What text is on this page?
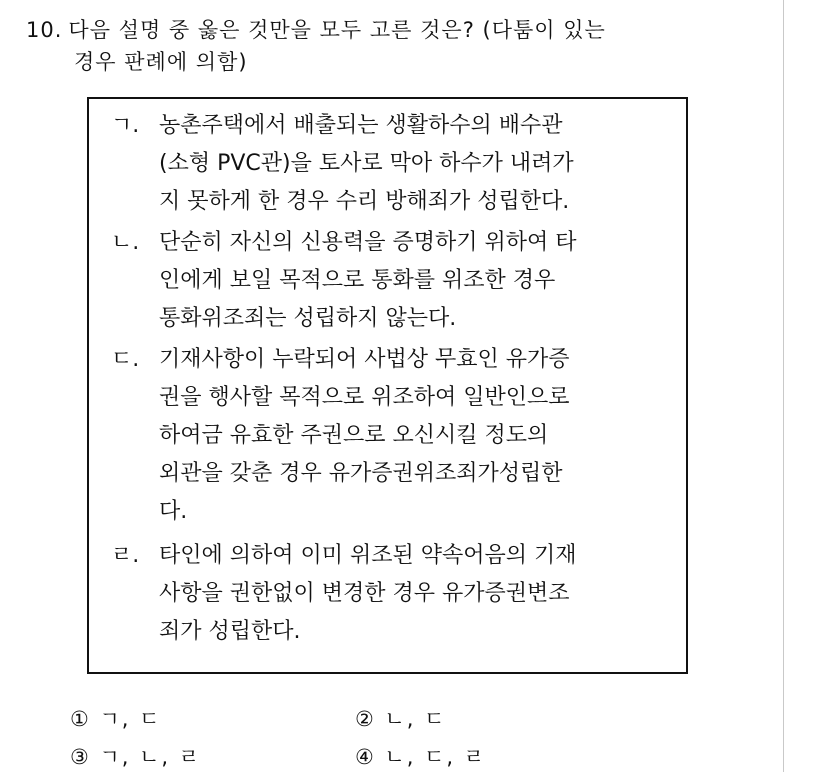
10. 다음 설명 중 옳은 것만을 모두 고른 것은? (다툼이 있는
경우 판례에 의함)
ㄱ. 농촌주택에서 배출되는 생활하수의 배수관
(소형 PVC관)을 토사로 막아 하수가 내려가
지 못하게 한 경우 수리 방해죄가 성립한다.
ㄴ. 단순히 자신의 신용력을 증명하기 위하여 타
인에게 보일 목적으로 통화를 위조한 경우
통화위조죄는 성립하지 않는다.
ㄷ. 기재사항이 누락되어 사법상 무효인 유가증
권을 행사할 목적으로 위조하여 일반인으로
하여금 유효한 주권으로 오신시킬 정도의
외관을 갖춘 경우 유가증권위조죄가성립한
다.
ㄹ. 타인에 의하여 이미 위조된 약속어음의 기재
사항을 권한없이 변경한 경우 유가증권변조
죄가 성립한다.
① ㄱ, ㄷ	② ㄴ, ㄷ
③ ㄱ, ㄴ, ㄹ	④ ㄴ, ㄷ, ㄹ
